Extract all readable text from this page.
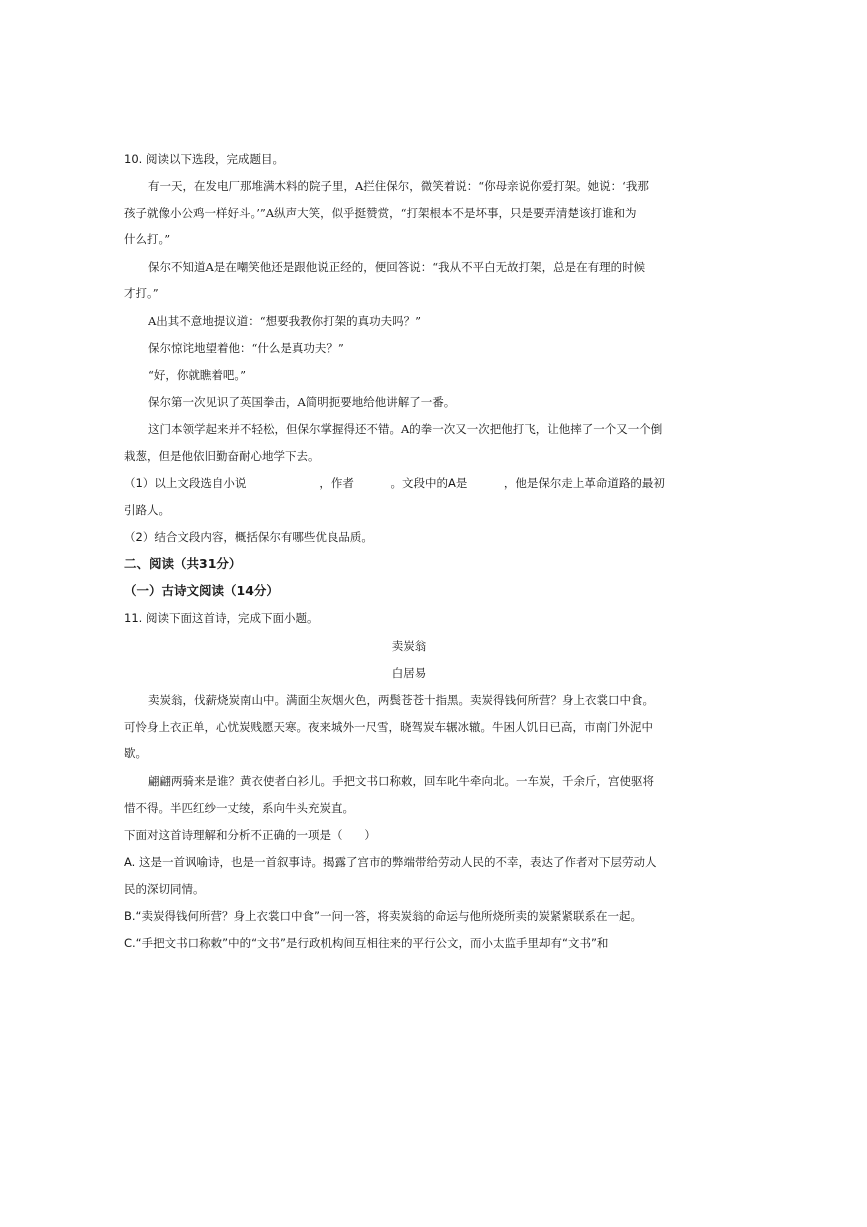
10. 阅读以下选段，完成题目。
有一天，在发电厂那堆满木料的院子里，A拦住保尔，微笑着说：“你母亲说你爱打架。她说：‘我那
孩子就像小公鸡一样好斗。’”A纵声大笑，似乎挺赞赏，“打架根本不是坏事，只是要弄清楚该打谁和为
什么打。”
保尔不知道A是在嘲笑他还是跟他说正经的，便回答说：“我从不平白无故打架，总是在有理的时候
才打。”
A出其不意地提议道：“想要我教你打架的真功夫吗？”
保尔惊诧地望着他：“什么是真功夫？”
“好，你就瞧着吧。”
保尔第一次见识了英国拳击，A简明扼要地给他讲解了一番。
这门本领学起来并不轻松，但保尔掌握得还不错。A的拳一次又一次把他打飞，让他摔了一个又一个倒
栽葱，但是他依旧勤奋耐心地学下去。
（1）以上文段选自小说                    ，作者          。文段中的A是          ，他是保尔走上革命道路的最初
引路人。
（2）结合文段内容，概括保尔有哪些优良品质。
二、阅读（共31分）
（一）古诗文阅读（14分）
11. 阅读下面这首诗，完成下面小题。
卖炭翁
白居易
卖炭翁，伐薪烧炭南山中。满面尘灰烟火色，两鬓苍苍十指黑。卖炭得钱何所营？身上衣裳口中食。
可怜身上衣正单，心忧炭贱愿天寒。夜来城外一尺雪，晓驾炭车辗冰辙。牛困人饥日已高，市南门外泥中
歇。
翩翩两骑来是谁？黄衣使者白衫儿。手把文书口称敕，回车叱牛牵向北。一车炭，千余斤，宫使驱将
惜不得。半匹红纱一丈绫，系向牛头充炭直。
下面对这首诗理解和分析不正确的一项是（      ）
A. 这是一首讽喻诗，也是一首叙事诗。揭露了宫市的弊端带给劳动人民的不幸，表达了作者对下层劳动人
民的深切同情。
B.“卖炭得钱何所营？身上衣裳口中食”一问一答，将卖炭翁的命运与他所烧所卖的炭紧紧联系在一起。
C.“手把文书口称敕”中的“文书”是行政机构间互相往来的平行公文，而小太监手里却有“文书”和
